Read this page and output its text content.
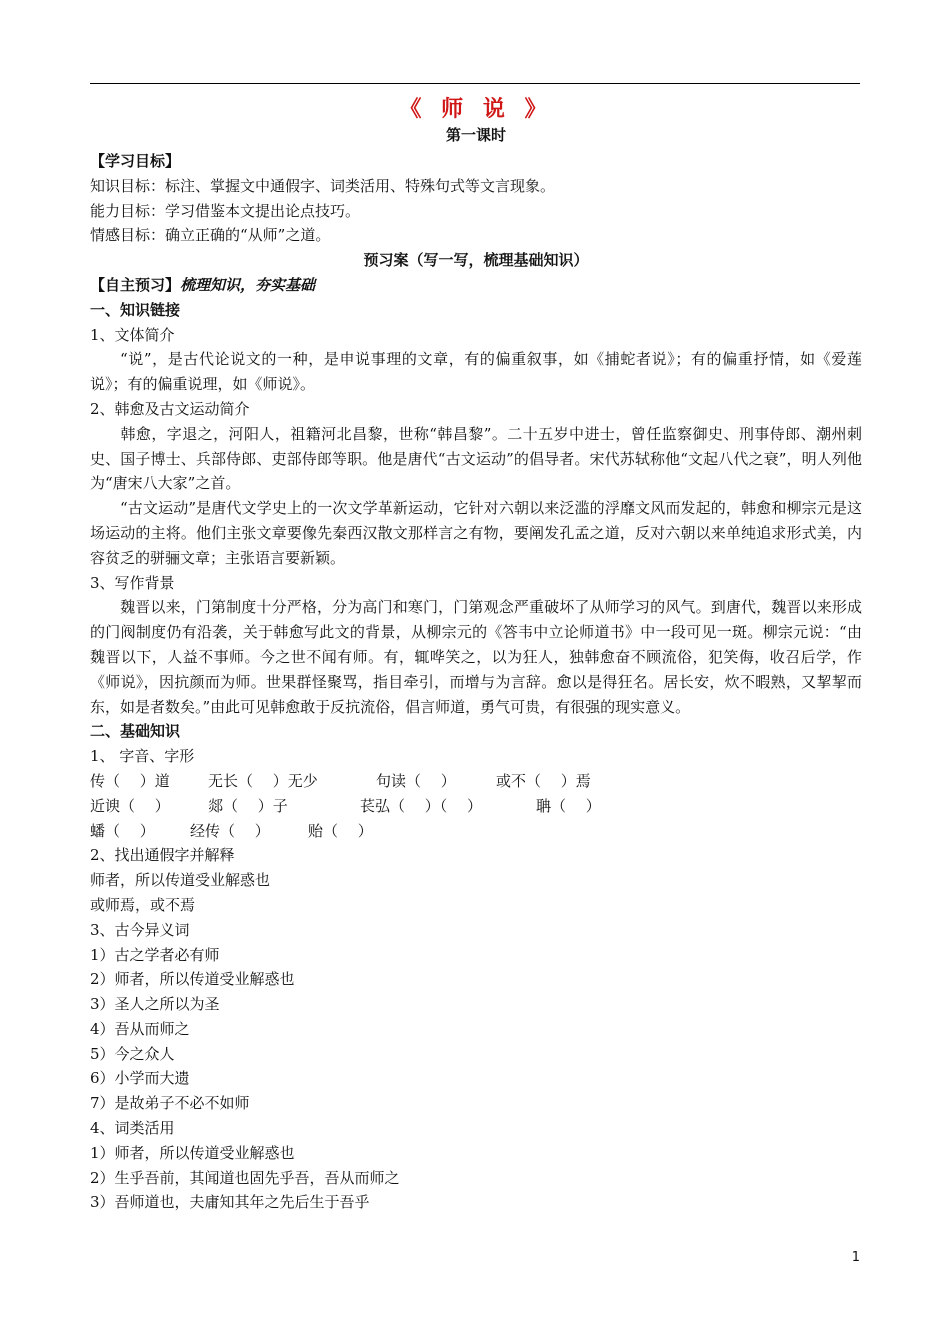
《 师 说 》

第一课时

【学习目标】

知识目标：标注、掌握文中通假字、词类活用、特殊句式等文言现象。

能力目标：学习借鉴本文提出论点技巧。

情感目标：确立正确的“从师”之道。

预习案（写一写，梳理基础知识）

【自主预习】梳理知识，夯实基础

一、知识链接

1、文体简介

“说”，是古代论说文的一种，是申说事理的文章，有的偏重叙事，如《捕蛇者说》；有的偏重抒情，如《爱莲说》；有的偏重说理，如《师说》。

2、韩愈及古文运动简介

韩愈，字退之，河阳人，祖籍河北昌黎，世称“韩昌黎”。二十五岁中进士，曾任监察御史、刑事侍郎、潮州刺史、国子博士、兵部侍郎、吏部侍郎等职。他是唐代“古文运动”的倡导者。宋代苏轼称他“文起八代之衰”，明人列他为“唐宋八大家”之首。

“古文运动”是唐代文学史上的一次文学革新运动，它针对六朝以来泛滥的浮靡文风而发起的，韩愈和柳宗元是这场运动的主将。他们主张文章要像先秦西汉散文那样言之有物，要阐发孔孟之道，反对六朝以来单纯追求形式美，内容贫乏的骈骊文章；主张语言要新颖。

3、写作背景

魏晋以来，门第制度十分严格，分为高门和寒门，门第观念严重破坏了从师学习的风气。到唐代，魏晋以来形成的门阀制度仍有沿袭，关于韩愈写此文的背景，从柳宗元的《答韦中立论师道书》中一段可见一斑。柳宗元说：“由魏晋以下，人益不事师。今之世不闻有师。有，辄哗笑之，以为狂人，独韩愈奋不顾流俗，犯笑侮，收召后学，作《师说》，因抗颜而为师。世果群怪聚骂，指目牵引，而增与为言辞。愈以是得狂名。居长安，炊不暇熟，又挈挈而东，如是者数矣。”由此可见韩愈敢于反抗流俗，倡言师道，勇气可贵，有很强的现实意义。

二、基础知识

1、 字音、字形

传（　 ）道	无长（　 ）无少	句读（　 ）	或不（　 ）焉
近谀（　 ）	郯（　 ）子	苌弘（　 ）（　 ）	聃（　 ）
蟠（　 ）	经传（　 ）	贻（　 ）

2、找出通假字并解释

师者，所以传道受业解惑也

或师焉，或不焉

3、古今异义词

1）古之学者必有师

2）师者，所以传道受业解惑也

3）圣人之所以为圣

4）吾从而师之

5）今之众人

6）小学而大遗

7）是故弟子不必不如师

4、词类活用

1）师者，所以传道受业解惑也

2）生乎吾前，其闻道也固先乎吾，吾从而师之

3）吾师道也，夫庸知其年之先后生于吾乎

1
